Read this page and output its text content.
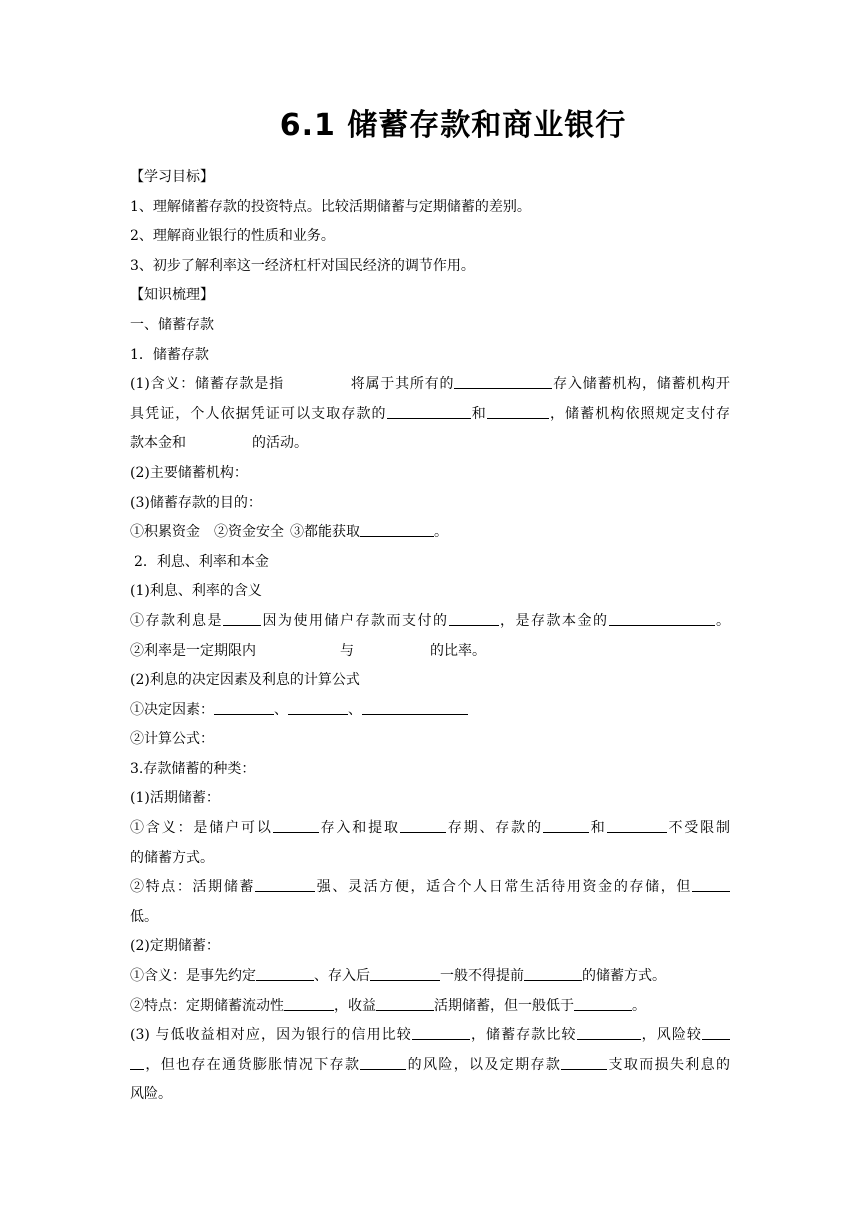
6.1 储蓄存款和商业银行
【学习目标】
1、理解储蓄存款的投资特点。比较活期储蓄与定期储蓄的差别。
2、理解商业银行的性质和业务。
3、初步了解利率这一经济杠杆对国民经济的调节作用。
【知识梳理】
一、储蓄存款
1．储蓄存款
(1)含义：储蓄存款是指	将属于其所有的	存入储蓄机构，储蓄机构开
具凭证，个人依据凭证可以支取存款的	和	，储蓄机构依照规定支付存
款本金和	的活动。
(2)主要储蓄机构：
(3)储蓄存款的目的：
①积累资金 ②资金安全 ③都能获取	。
2．利息、利率和本金
(1)利息、利率的含义
①存款利息是	因为使用储户存款而支付的	，是存款本金的	。
②利率是一定期限内	与	的比率。
(2)利息的决定因素及利息的计算公式
①决定因素：	、	、
②计算公式：
3.存款储蓄的种类：
(1)活期储蓄：
①含义：是储户可以	存入和提取	存期、存款的	和	不受限制
的储蓄方式。
②特点：活期储蓄	强、灵活方便，适合个人日常生活待用资金的存储，但
低。
(2)定期储蓄：
①含义：是事先约定	、存入后	一般不得提前	的储蓄方式。
②特点：定期储蓄流动性	，收益	活期储蓄，但一般低于	。
(3) 与低收益相对应，因为银行的信用比较	，储蓄存款比较	，风险较
，但也存在通货膨胀情况下存款	的风险，以及定期存款	支取而损失利息的
风险。
